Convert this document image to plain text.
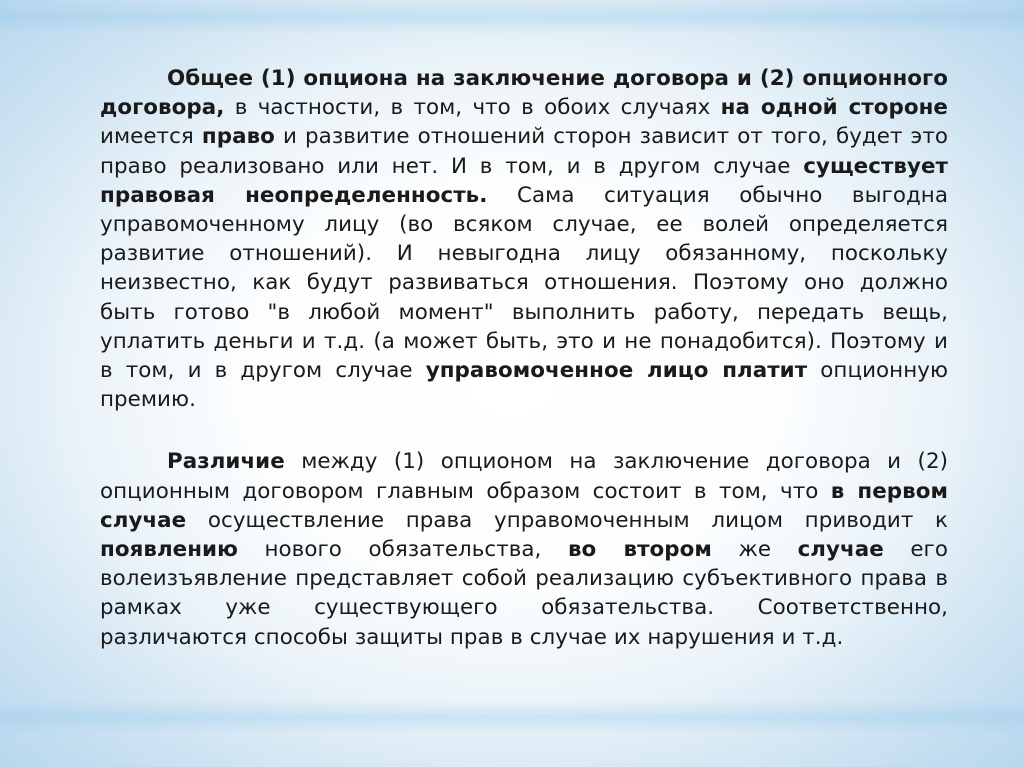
Общее (1) опциона на заключение договора и (2) опционного договора, в частности, в том, что в обоих случаях на одной стороне имеется право и развитие отношений сторон зависит от того, будет это право реализовано или нет. И в том, и в другом случае существует правовая неопределенность. Сама ситуация обычно выгодна управомоченному лицу (во всяком случае, ее волей определяется развитие отношений). И невыгодна лицу обязанному, поскольку неизвестно, как будут развиваться отношения. Поэтому оно должно быть готово "в любой момент" выполнить работу, передать вещь, уплатить деньги и т.д. (а может быть, это и не понадобится). Поэтому и в том, и в другом случае управомоченное лицо платит опционную премию.

Различие между (1) опционом на заключение договора и (2) опционным договором главным образом состоит в том, что в первом случае осуществление права управомоченным лицом приводит к появлению нового обязательства, во втором же случае его волеизъявление представляет собой реализацию субъективного права в рамках уже существующего обязательства. Соответственно, различаются способы защиты прав в случае их нарушения и т.д.
